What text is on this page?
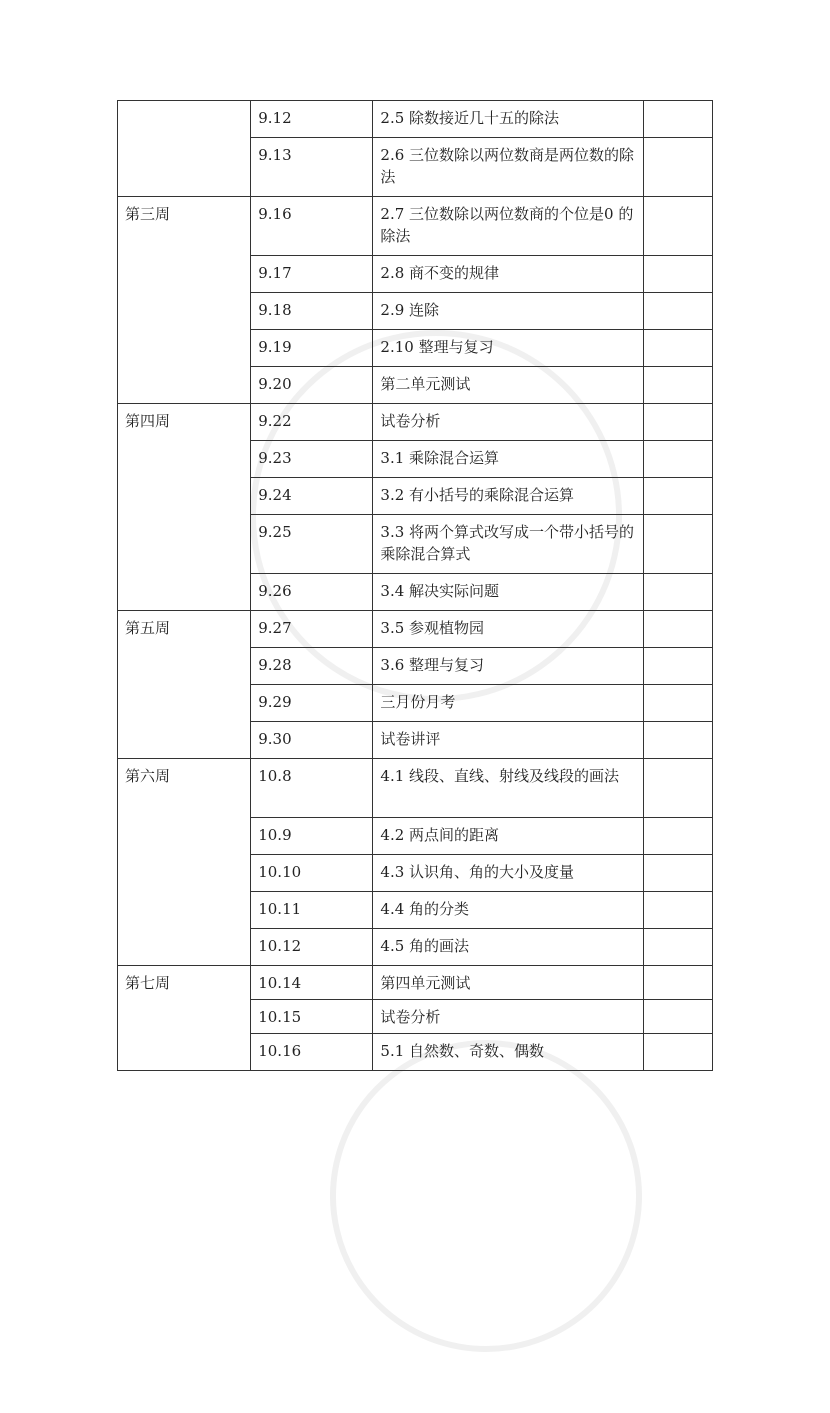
	9.12	2.5 除数接近几十五的除法	
	9.13	2.6 三位数除以两位数商是两位数的除法	
第三周	9.16	2.7 三位数除以两位数商的个位是0 的除法	
	9.17	2.8 商不变的规律	
	9.18	2.9 连除	
	9.19	2.10 整理与复习	
	9.20	第二单元测试	
第四周	9.22	试卷分析	
	9.23	3.1 乘除混合运算	
	9.24	3.2 有小括号的乘除混合运算	
	9.25	3.3 将两个算式改写成一个带小括号的乘除混合算式	
	9.26	3.4 解决实际问题	
第五周	9.27	3.5 参观植物园	
	9.28	3.6 整理与复习	
	9.29	三月份月考	
	9.30	试卷讲评	
第六周	10.8	4.1 线段、直线、射线及线段的画法	
	10.9	4.2 两点间的距离	
	10.10	4.3 认识角、角的大小及度量	
	10.11	4.4 角的分类	
	10.12	4.5 角的画法	
第七周	10.14	第四单元测试	
	10.15	试卷分析	
	10.16	5.1 自然数、奇数、偶数	
